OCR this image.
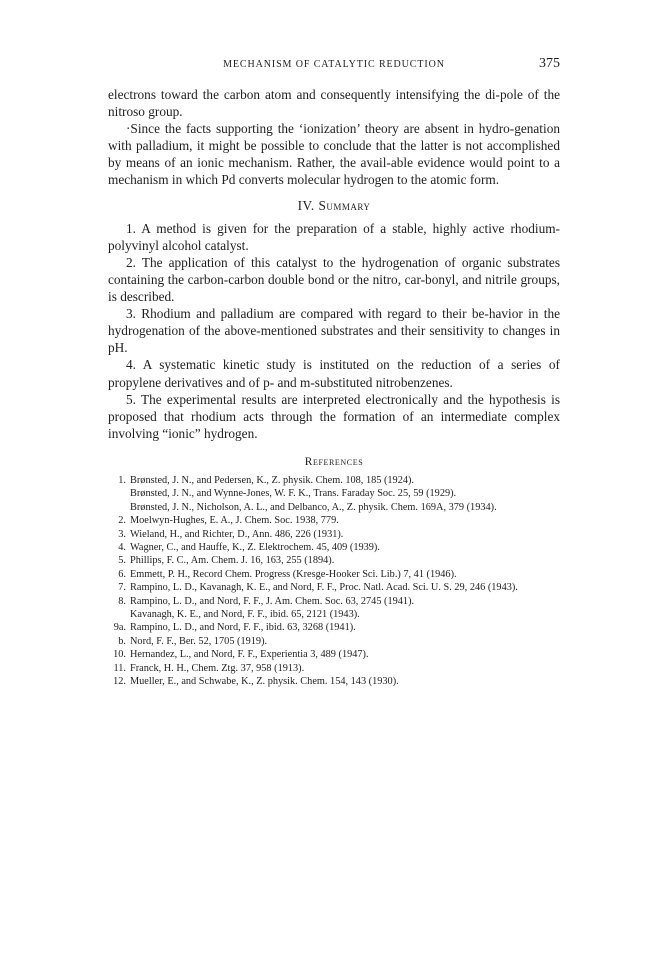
MECHANISM OF CATALYTIC REDUCTION	375

electrons toward the carbon atom and consequently intensifying the di-pole of the nitroso group.

·Since the facts supporting the ‘ionization’ theory are absent in hydro-genation with palladium, it might be possible to conclude that the latter is not accomplished by means of an ionic mechanism. Rather, the avail-able evidence would point to a mechanism in which Pd converts molecular hydrogen to the atomic form.

IV. Summary

1. A method is given for the preparation of a stable, highly active rhodium-polyvinyl alcohol catalyst.

2. The application of this catalyst to the hydrogenation of organic substrates containing the carbon-carbon double bond or the nitro, car-bonyl, and nitrile groups, is described.

3. Rhodium and palladium are compared with regard to their be-havior in the hydrogenation of the above-mentioned substrates and their sensitivity to changes in pH.

4. A systematic kinetic study is instituted on the reduction of a series of propylene derivatives and of p- and m-substituted nitrobenzenes.

5. The experimental results are interpreted electronically and the hypothesis is proposed that rhodium acts through the formation of an intermediate complex involving “ionic” hydrogen.

References
1. Brønsted, J. N., and Pedersen, K., Z. physik. Chem. 108, 185 (1924).
Brønsted, J. N., and Wynne-Jones, W. F. K., Trans. Faraday Soc. 25, 59 (1929).
Brønsted, J. N., Nicholson, A. L., and Delbanco, A., Z. physik. Chem. 169A, 379 (1934).
2. Moelwyn-Hughes, E. A., J. Chem. Soc. 1938, 779.
3. Wieland, H., and Richter, D., Ann. 486, 226 (1931).
4. Wagner, C., and Hauffe, K., Z. Elektrochem. 45, 409 (1939).
5. Phillips, F. C., Am. Chem. J. 16, 163, 255 (1894).
6. Emmett, P. H., Record Chem. Progress (Kresge-Hooker Sci. Lib.) 7, 41 (1946).
7. Rampino, L. D., Kavanagh, K. E., and Nord, F. F., Proc. Natl. Acad. Sci. U. S. 29, 246 (1943).
8. Rampino, L. D., and Nord, F. F., J. Am. Chem. Soc. 63, 2745 (1941).
Kavanagh, K. E., and Nord, F. F., ibid. 65, 2121 (1943).
9a. Rampino, L. D., and Nord, F. F., ibid. 63, 3268 (1941).
b. Nord, F. F., Ber. 52, 1705 (1919).
10. Hernandez, L., and Nord, F. F., Experientia 3, 489 (1947).
11. Franck, H. H., Chem. Ztg. 37, 958 (1913).
12. Mueller, E., and Schwabe, K., Z. physik. Chem. 154, 143 (1930).
